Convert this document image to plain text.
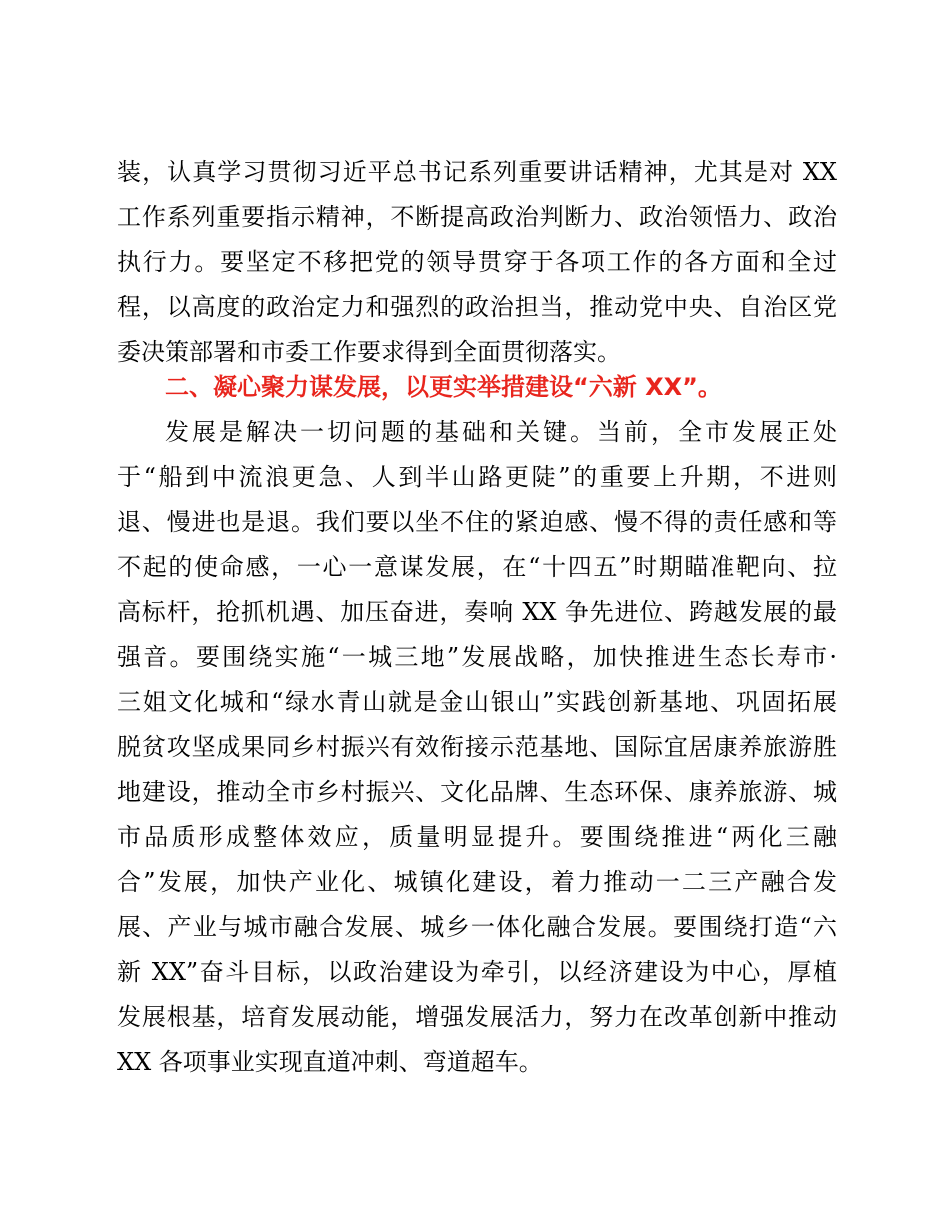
装，认真学习贯彻习近平总书记系列重要讲话精神，尤其是对 XX
工作系列重要指示精神，不断提高政治判断力、政治领悟力、政治
执行力。要坚定不移把党的领导贯穿于各项工作的各方面和全过
程，以高度的政治定力和强烈的政治担当，推动党中央、自治区党
委决策部署和市委工作要求得到全面贯彻落实。
二、凝心聚力谋发展，以更实举措建设“六新 XX”。
发展是解决一切问题的基础和关键。当前，全市发展正处
于“船到中流浪更急、人到半山路更陡”的重要上升期，不进则
退、慢进也是退。我们要以坐不住的紧迫感、慢不得的责任感和等
不起的使命感，一心一意谋发展，在“十四五”时期瞄准靶向、拉
高标杆，抢抓机遇、加压奋进，奏响 XX 争先进位、跨越发展的最
强音。要围绕实施“一城三地”发展战略，加快推进生态长寿市·
三姐文化城和“绿水青山就是金山银山”实践创新基地、巩固拓展
脱贫攻坚成果同乡村振兴有效衔接示范基地、国际宜居康养旅游胜
地建设，推动全市乡村振兴、文化品牌、生态环保、康养旅游、城
市品质形成整体效应，质量明显提升。要围绕推进“两化三融
合”发展，加快产业化、城镇化建设，着力推动一二三产融合发
展、产业与城市融合发展、城乡一体化融合发展。要围绕打造“六
新 XX”奋斗目标，以政治建设为牵引，以经济建设为中心，厚植
发展根基，培育发展动能，增强发展活力，努力在改革创新中推动
XX 各项事业实现直道冲刺、弯道超车。
